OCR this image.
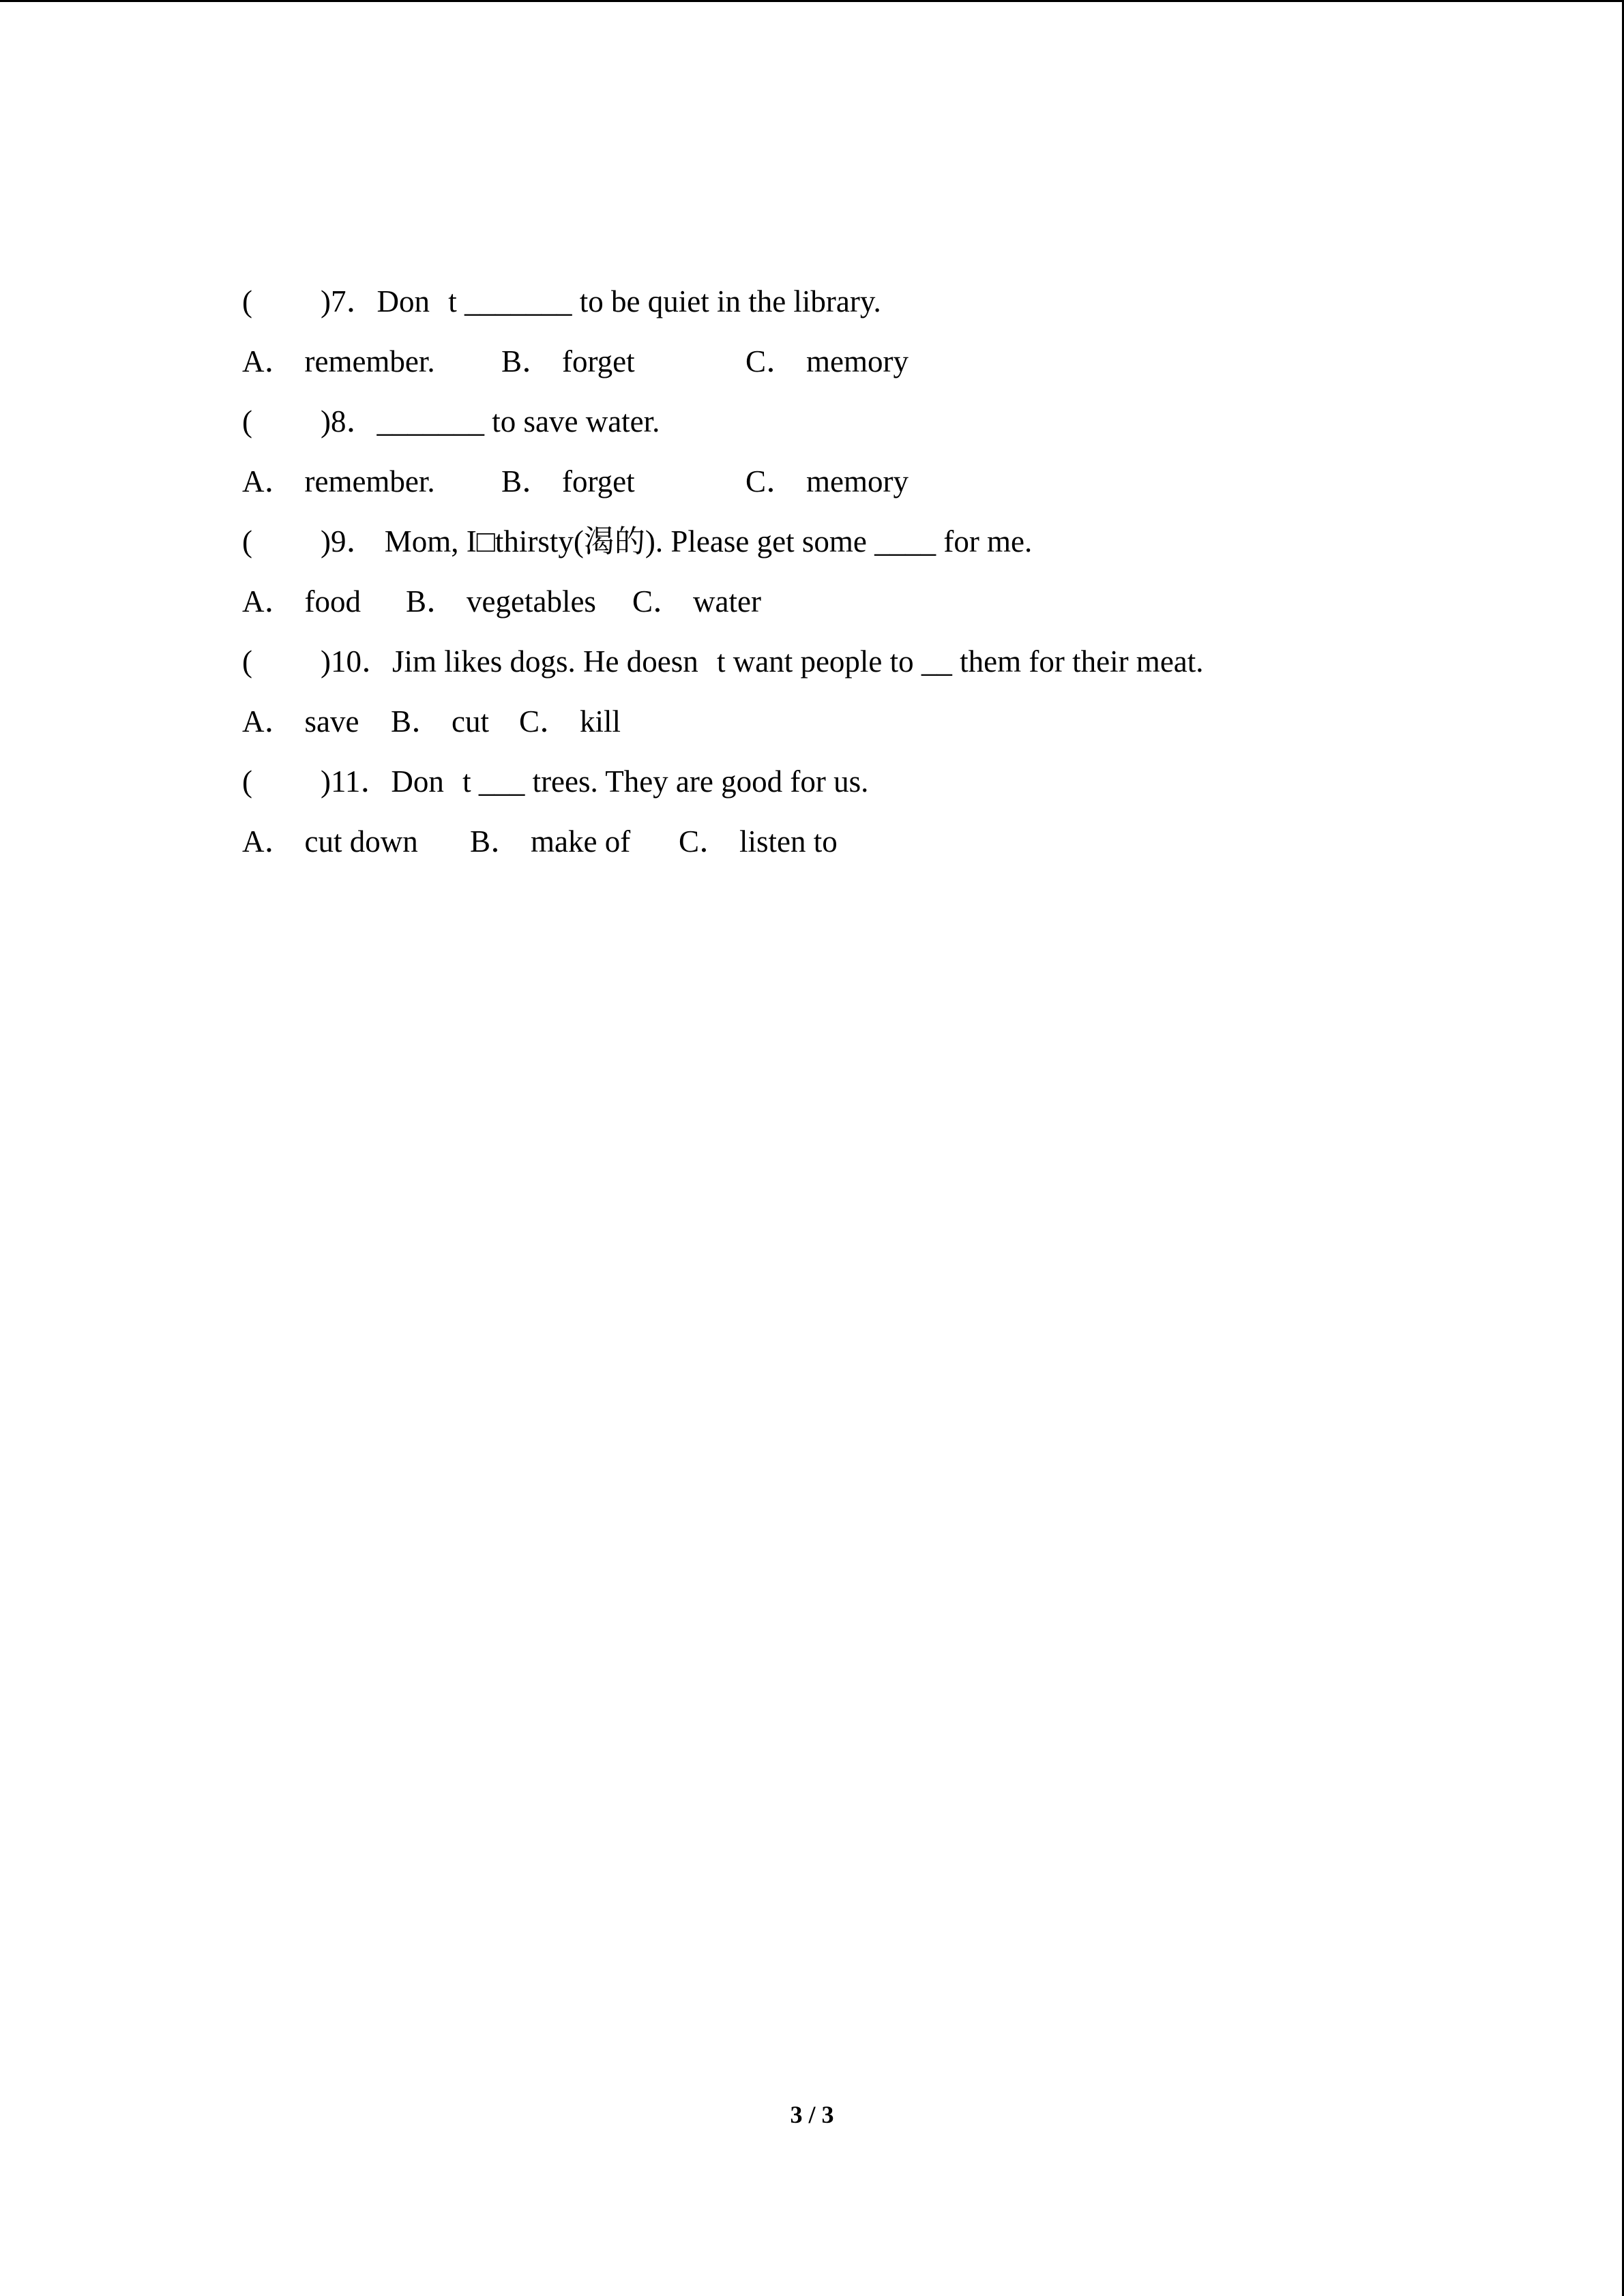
( )7．Dont _______ to be quiet in the library.

A． remember. B． forget	C． memory

( )8．_______ to save water.

A． remember. B． forget	C． memory

( )9． Mom, I□thirsty(渴的). Please get some ____ for me.

A． food B． vegetables C． water

( )10．Jim likes dogs. He doesnt want people to __ them for their meat.

A． save B． cut C． kill

( )11．Dont ___ trees. They are good for us.

A． cut down B． make of C． listen to

3 / 3
